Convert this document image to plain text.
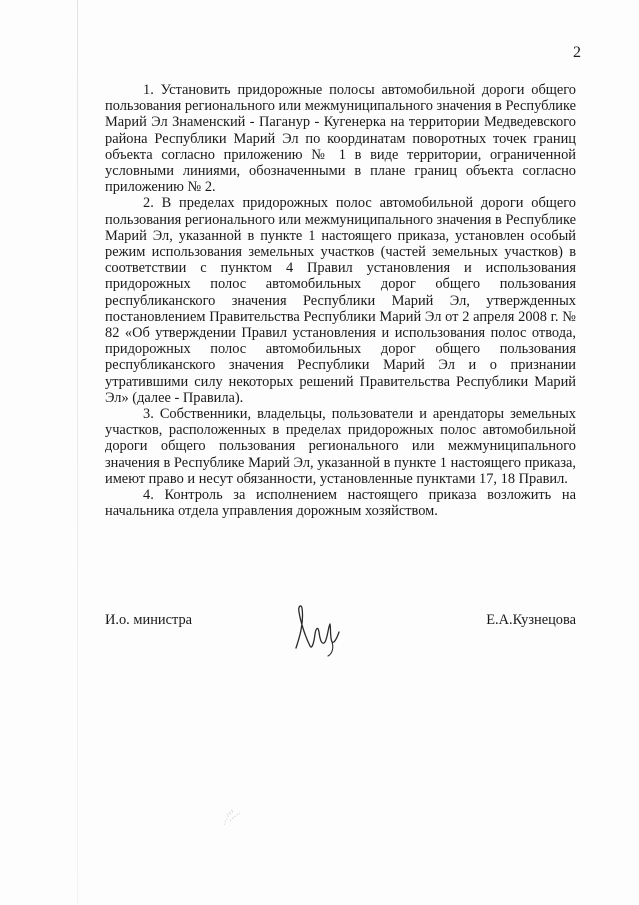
2

1. Установить придорожные полосы автомобильной дороги общего пользования регионального или межмуниципального значения в Республике Марий Эл Знаменский - Паганур - Кугенерка на территории Медведевского района Республики Марий Эл по координатам поворотных точек границ объекта согласно приложению № 1 в виде территории, ограниченной условными линиями, обозначенными в плане границ объекта согласно приложению № 2.

2. В пределах придорожных полос автомобильной дороги общего пользования регионального или межмуниципального значения в Республике Марий Эл, указанной в пункте 1 настоящего приказа, установлен особый режим использования земельных участков (частей земельных участков) в соответствии с пунктом 4 Правил установления и использования придорожных полос автомобильных дорог общего пользования республиканского значения Республики Марий Эл, утвержденных постановлением Правительства Республики Марий Эл от 2 апреля 2008 г. № 82 «Об утверждении Правил установления и использования полос отвода, придорожных полос автомобильных дорог общего пользования республиканского значения Республики Марий Эл и о признании утратившими силу некоторых решений Правительства Республики Марий Эл» (далее - Правила).

3. Собственники, владельцы, пользователи и арендаторы земельных участков, расположенных в пределах придорожных полос автомобильной дороги общего пользования регионального или межмуниципального значения в Республике Марий Эл, указанной в пункте 1 настоящего приказа, имеют право и несут обязанности, установленные пунктами 17, 18 Правил.

4. Контроль за исполнением настоящего приказа возложить на начальника отдела управления дорожным хозяйством.

И.о. министра	Е.А.Кузнецова
